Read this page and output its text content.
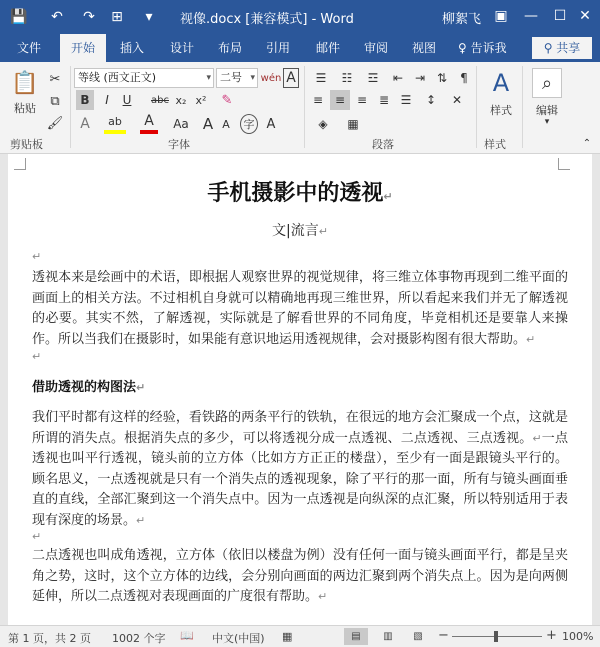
💾	↶	↷	⊞	▾	视像.docx [兼容模式] - Word	柳絮飞 ▣	—	☐ ✕
文件	开始	插入	设计	布局	引用	邮件	审阅	视图	♀ 告诉我	⚲ 共享
📋
粘贴
✂
⧉
🖌
剪贴板
等线 (西文正文)	▾ 二号 ▾ wén A
B	I	U	abc x₂ x² ✎
A	ab	A	Aa A A	字 A
字体
☰	☷	☲	⇤ ⇥ ⇅	¶
≡ ≡ ≡ ≣ ☰	↕	✕
◈	▦
段落
A
样式
样式
⌕
编辑
▾
⌃
手机摄影中的透视↵
文|流言↵
↵
透视本来是绘画中的术语，即根据人观察世界的视觉规律，将三维立体事物再现到二维平面的画面上的相关方法。不过相机自身就可以精确地再现三维世界，所以看起来我们并无了解透视的必要。其实不然，了解透视，实际就是了解看世界的不同角度，毕竟相机还是要靠人来操作。所以当我们在摄影时，如果能有意识地运用透视规律，会对摄影构图有很大帮助。↵
↵
借助透视的构图法↵
我们平时都有这样的经验，看铁路的两条平行的铁轨，在很远的地方会汇聚成一个点，这就是所谓的消失点。根据消失点的多少，可以将透视分成一点透视、二点透视、三点透视。↵一点透视也叫平行透视，镜头前的立方体（比如方方正正的楼盘），至少有一面是跟镜头平行的。顾名思义，一点透视就是只有一个消失点的透视现象，除了平行的那一面，所有与镜头画面垂直的直线，全部汇聚到这一个消失点中。因为一点透视是向纵深的点汇聚，所以特别适用于表现有深度的场景。↵
↵
二点透视也叫成角透视，立方体（依旧以楼盘为例）没有任何一面与镜头画面平行，都是呈夹角之势，这时，这个立方体的边线，会分别向画面的两边汇聚到两个消失点上。因为是向两侧延伸，所以二点透视对表现画面的广度很有帮助。↵
第 1 页，共 2 页 1002 个字 📖 中文(中国) ▦	▤	▥	▧	−	+ 100%
